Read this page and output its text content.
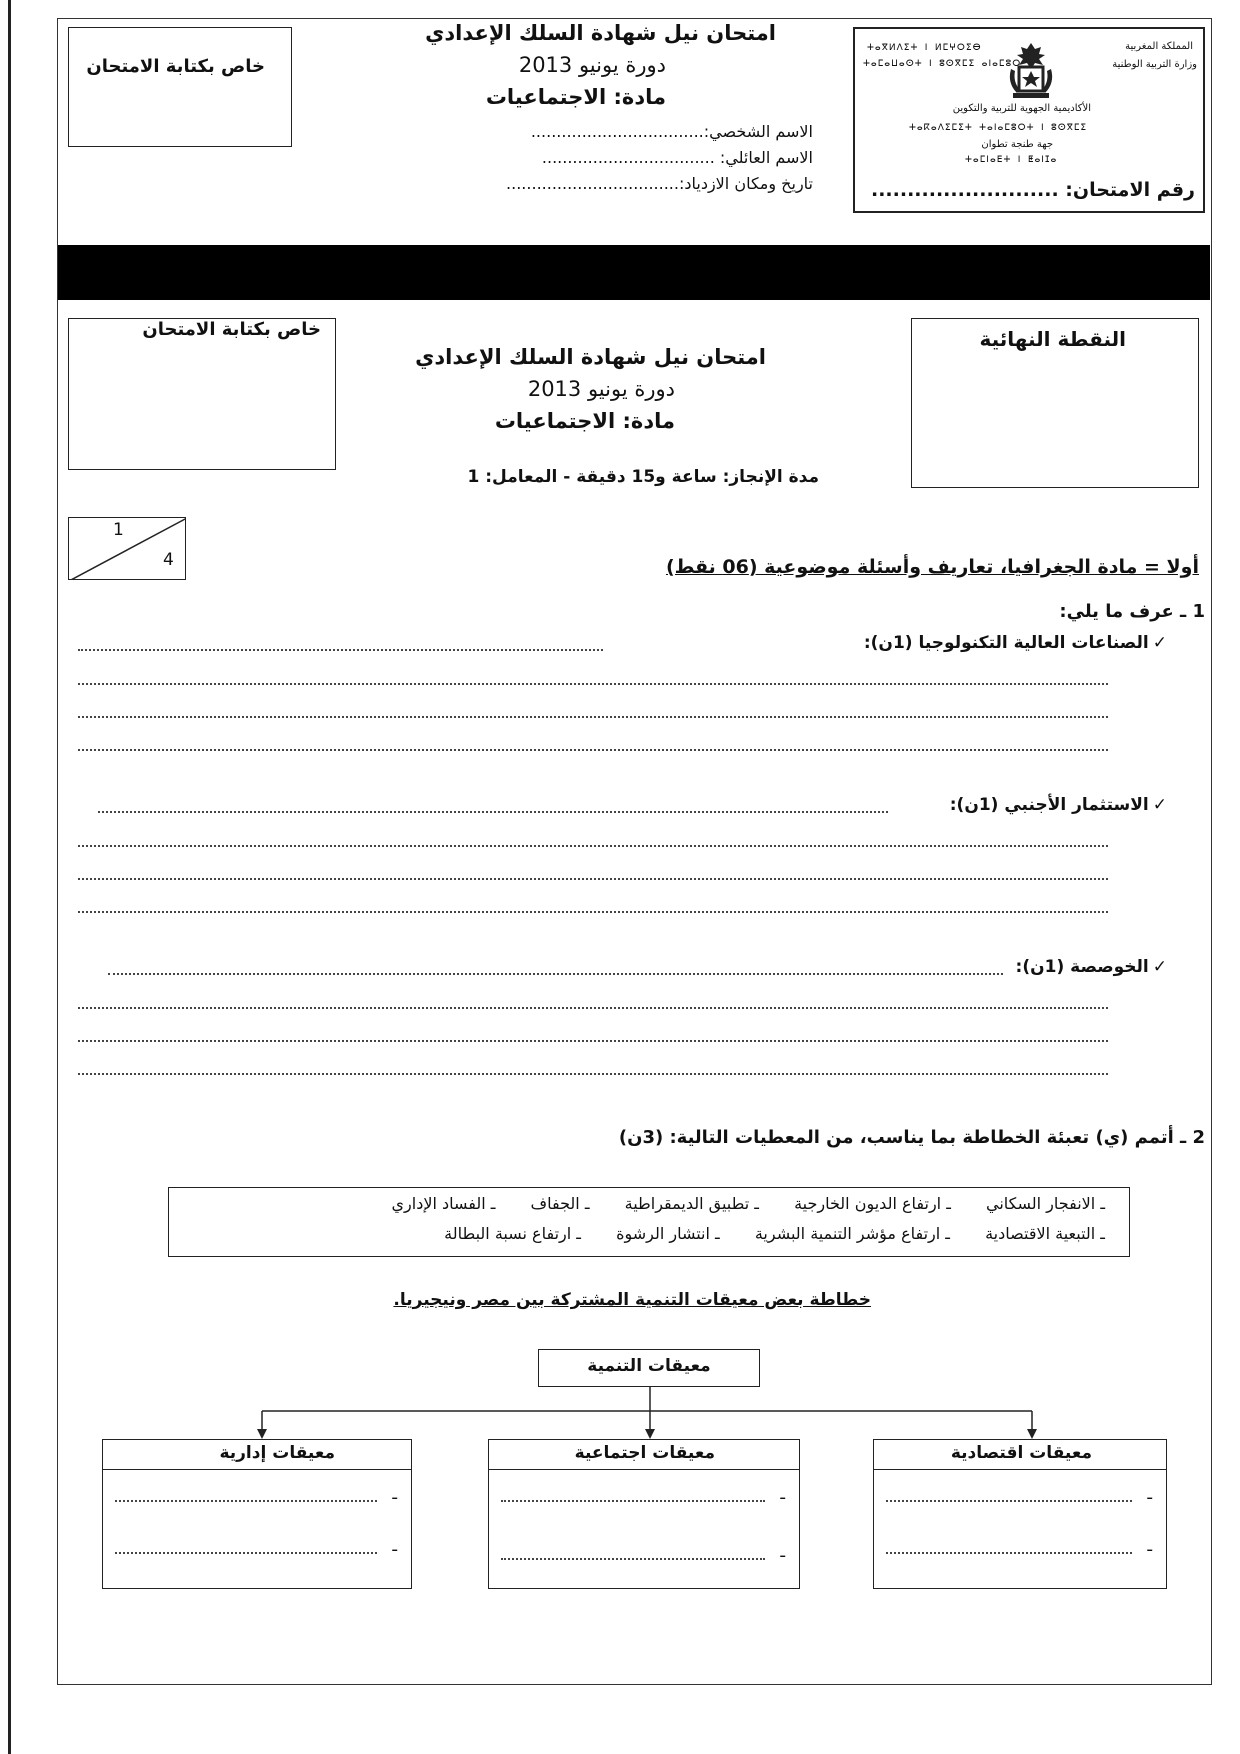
خاص بكتابة الامتحان
امتحان نيل شهادة السلك الإعدادي
دورة يونيو 2013
مادة: الاجتماعيات
الاسم الشخصي:..................................
الاسم العائلي: ..................................
تاريخ ومكان الازدياد:..................................
ⵜⴰⴳⵍⴷⵉⵜ ⵏ ⵍⵎⵖⵔⵉⴱ
ⵜⴰⵎⴰⵡⴰⵙⵜ ⵏ ⵓⵙⴳⵎⵉ ⴰⵏⴰⵎⵓⵔ
المملكة المغربية
وزارة التربية الوطنية
الأكاديمية الجهوية للتربية والتكوين
ⵜⴰⴽⴰⴷⵉⵎⵉⵜ ⵜⴰⵏⴰⵎⵓⵔⵜ ⵏ ⵓⵙⴳⵎⵉ
جهة طنجة تطوان
ⵜⴰⵎⵏⴰⴹⵜ ⵏ ⵟⴰⵏⵊⴰ
رقم الامتحان: ..........................
النقطة النهائية
خاص بكتابة الامتحان
امتحان نيل شهادة السلك الإعدادي
دورة يونيو 2013
مادة: الاجتماعيات
مدة الإنجاز: ساعة و15 دقيقة - المعامل: 1
1
4	أولا = مادة الجغرافيا، تعاريف وأسئلة موضوعية (06 نقط)
1 ـ عرف ما يلي:
✓الصناعات العالية التكنولوجيا (1ن):
✓الاستثمار الأجنبي (1ن):
✓الخوصصة (1ن):
2 ـ أتمم (ي) تعبئة الخطاطة بما يناسب، من المعطيات التالية: (3ن)
ـ الانفجار السكاني ـ ارتفاع الديون الخارجية ـ تطبيق الديمقراطية ـ الجفاف ـ الفساد الإداري
ـ التبعية الاقتصادية ـ ارتفاع مؤشر التنمية البشرية ـ انتشار الرشوة ـ ارتفاع نسبة البطالة
خطاطة بعض معيقات التنمية المشتركة بين مصر ونيجيريا.
معيقات التنمية
معيقات اقتصادية
ـ
ـ
معيقات اجتماعية
ـ
ـ
معيقات إدارية
ـ
ـ
